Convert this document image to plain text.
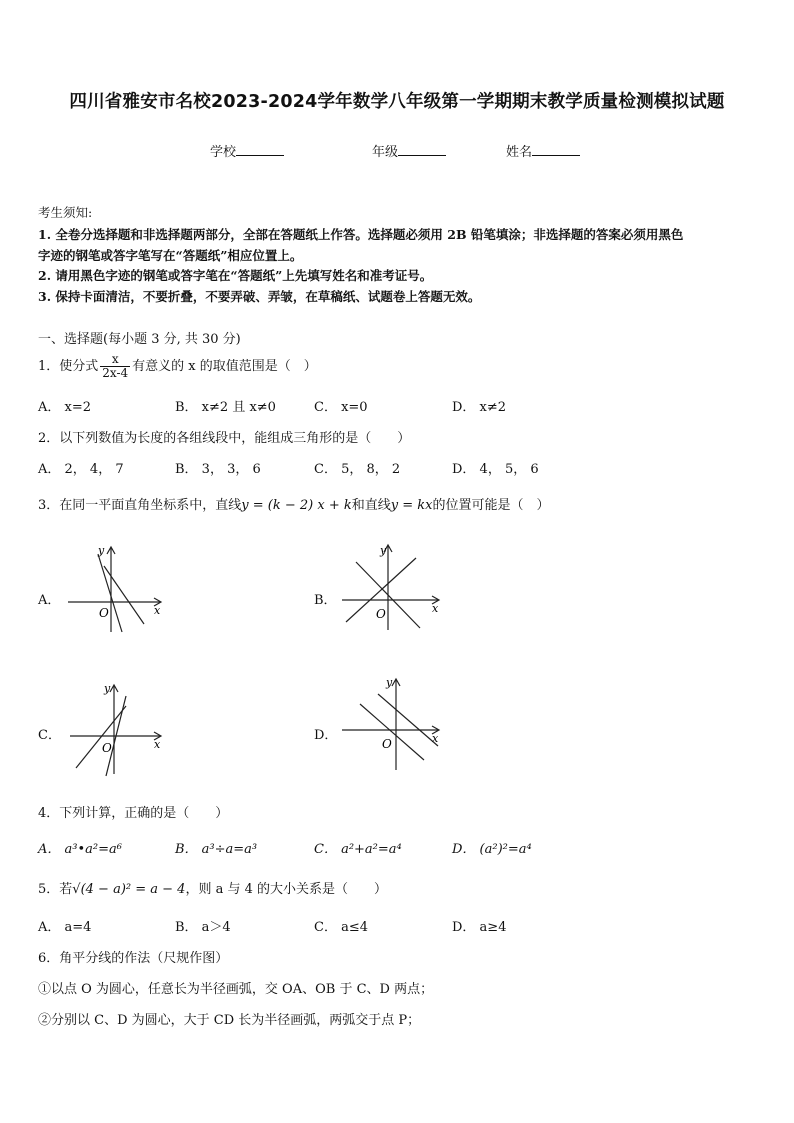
四川省雅安市名校2023-2024学年数学八年级第一学期期末教学质量检测模拟试题
学校	年级	姓名
考生须知:
1. 全卷分选择题和非选择题两部分，全部在答题纸上作答。选择题必须用 2B 铅笔填涂；非选择题的答案必须用黑色
字迹的钢笔或答字笔写在“答题纸”相应位置上。
2. 请用黑色字迹的钢笔或答字笔在“答题纸”上先填写姓名和准考证号。
3. 保持卡面清洁，不要折叠，不要弄破、弄皱，在草稿纸、试题卷上答题无效。
一、选择题(每小题 3 分, 共 30 分)
1．使分式 $\frac{x}{2x-4}$ 有意义的 x 的取值范围是（　）
A． x=2	B． x≠2 且 x≠0	C． x=0	D． x≠2
2．以下列数值为长度的各组线段中，能组成三角形的是（　　）
A． 2， 4， 7	B． 3， 3， 6	C． 5， 8， 2	D． 4， 5， 6
3．在同一平面直角坐标系中，直线y = (k − 2) x + k和直线y = kx的位置可能是（　）
A．
y
x
O
B．
y
x
O
C．
y
x
O
D．
y
x
O
4．下列计算，正确的是（　　）
A． a³•a²=a⁶	B． a³÷a=a³	C． a²+a²=a⁴	D． (a²)²=a⁴
5．若√(4 − a)² = a − 4，则 a 与 4 的大小关系是（　　）
A． a=4	B． a＞4	C． a≤4	D． a≥4
6．角平分线的作法（尺规作图）
①以点 O 为圆心，任意长为半径画弧，交 OA、OB 于 C、D 两点；
②分别以 C、D 为圆心，大于 CD 长为半径画弧，两弧交于点 P；
